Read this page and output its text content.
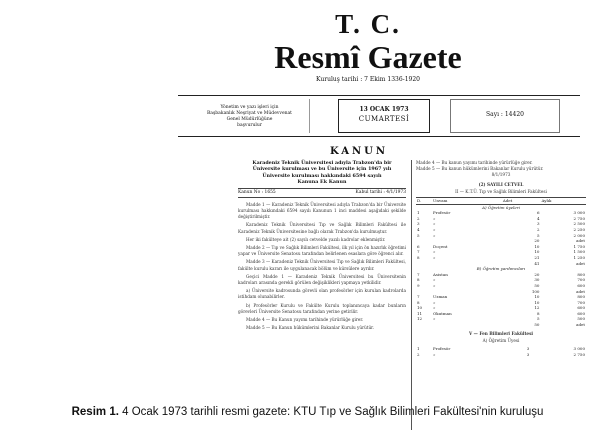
T. C.
Resmî Gazete
Kuruluş tarihi : 7 Ekim 1336-1920
Yönetim ve yazı işleri için
Başbakanlık Neşriyat ve Müdevvenat
Genel Müdürlüğüne
başvurulur
13 OCAK 1973
CUMARTESİ
Sayı : 14420
KANUN
Karadeniz Teknik Üniversitesi adıyla Trabzon'da bir
Üniversite kurulması ve bu Üniversite için 1967 yılı
Üniversite kurulması hakkındaki 6594 sayılı
Kanuna Ek Kanun
Kanun No : 1655	Kabul tarihi : 4/1/1973
Madde 1 — Karadeniz Teknik Üniversitesi adıyla Trabzon'da bir Üniversite kurulması hakkındaki 6594 sayılı Kanunun 1 inci maddesi aşağıdaki şekilde değiştirilmiştir.
Karadeniz Teknik Üniversitesi Tıp ve Sağlık Bilimleri Fakültesi ile Karadeniz Teknik Üniversitesine bağlı olarak Trabzon'da kurulmuştur.
Her iki fakülteye ait (2) sayılı cetvelde yazılı kadrolar eklenmiştir.
Madde 2 — Tıp ve Sağlık Bilimleri Fakültesi, ilk yıl için ön hazırlık öğretimi yapar ve Üniversite Senatosu tarafından belirlenen esaslara göre öğrenci alır.
Madde 3 — Karadeniz Teknik Üniversitesi Tıp ve Sağlık Bilimleri Fakültesi, fakülte kurulu kararı ile uygulanacak bölüm ve kürsülere ayrılır.
Geçici Madde 1 — Karadeniz Teknik Üniversitesi bu Üniversitenin kadroları arasında gerekli görülen değişiklikleri yapmaya yetkilidir.
a) Üniversite kadrosunda görevli olan profesörler için kurulan kadrolarda istihdam olunabilirler.
b) Profesörler Kurulu ve Fakülte Kurulu toplanıncaya kadar bunların görevleri Üniversite Senatosu tarafından yerine getirilir.
Madde 4 — Bu Kanun yayımı tarihinde yürürlüğe girer.
Madde 5 — Bu Kanun hükümlerini Bakanlar Kurulu yürütür.
Madde 4 — Bu kanun yayımı tarihinde yürürlüğe girer.
Madde 5 — Bu kanun hükümlerini Bakanlar Kurulu yürütür.
8/1/1973
(2) SAYILI CETVEL
II — K.T.Ü. Tıp ve Sağlık Bilimleri Fakültesi
D.	Unvanı	Adet	Aylık
A) Öğretim üyeleri			
1	Profesör	6	3 000
2	»	4	2 750
3	»	3	2 500
4	»	2	2 250
5	»	5	2 000
		20	adet
6	Doçent	10	1 750
7	»	10	1 500
8	»	21	1 250
		41	adet
B) Öğretim yardımcıları			
7	Asistan	20	800
8	»	30	700
9	»	50	600
		100	adet
7	Uzman	10	800
8	»	10	700
10	»	12	600
11	Okutman	8	600
12	»	5	500
		50	adet
V — Fen Bilimleri Fakültesi
A) Öğretim Üyesi
1	Profesör	3	3 000
2	»	3	2 750
Resim 1. 4 Ocak 1973 tarihli resmi gazete: KTU Tıp ve Sağlık Bilimleri Fakültesi'nin kuruluşu
